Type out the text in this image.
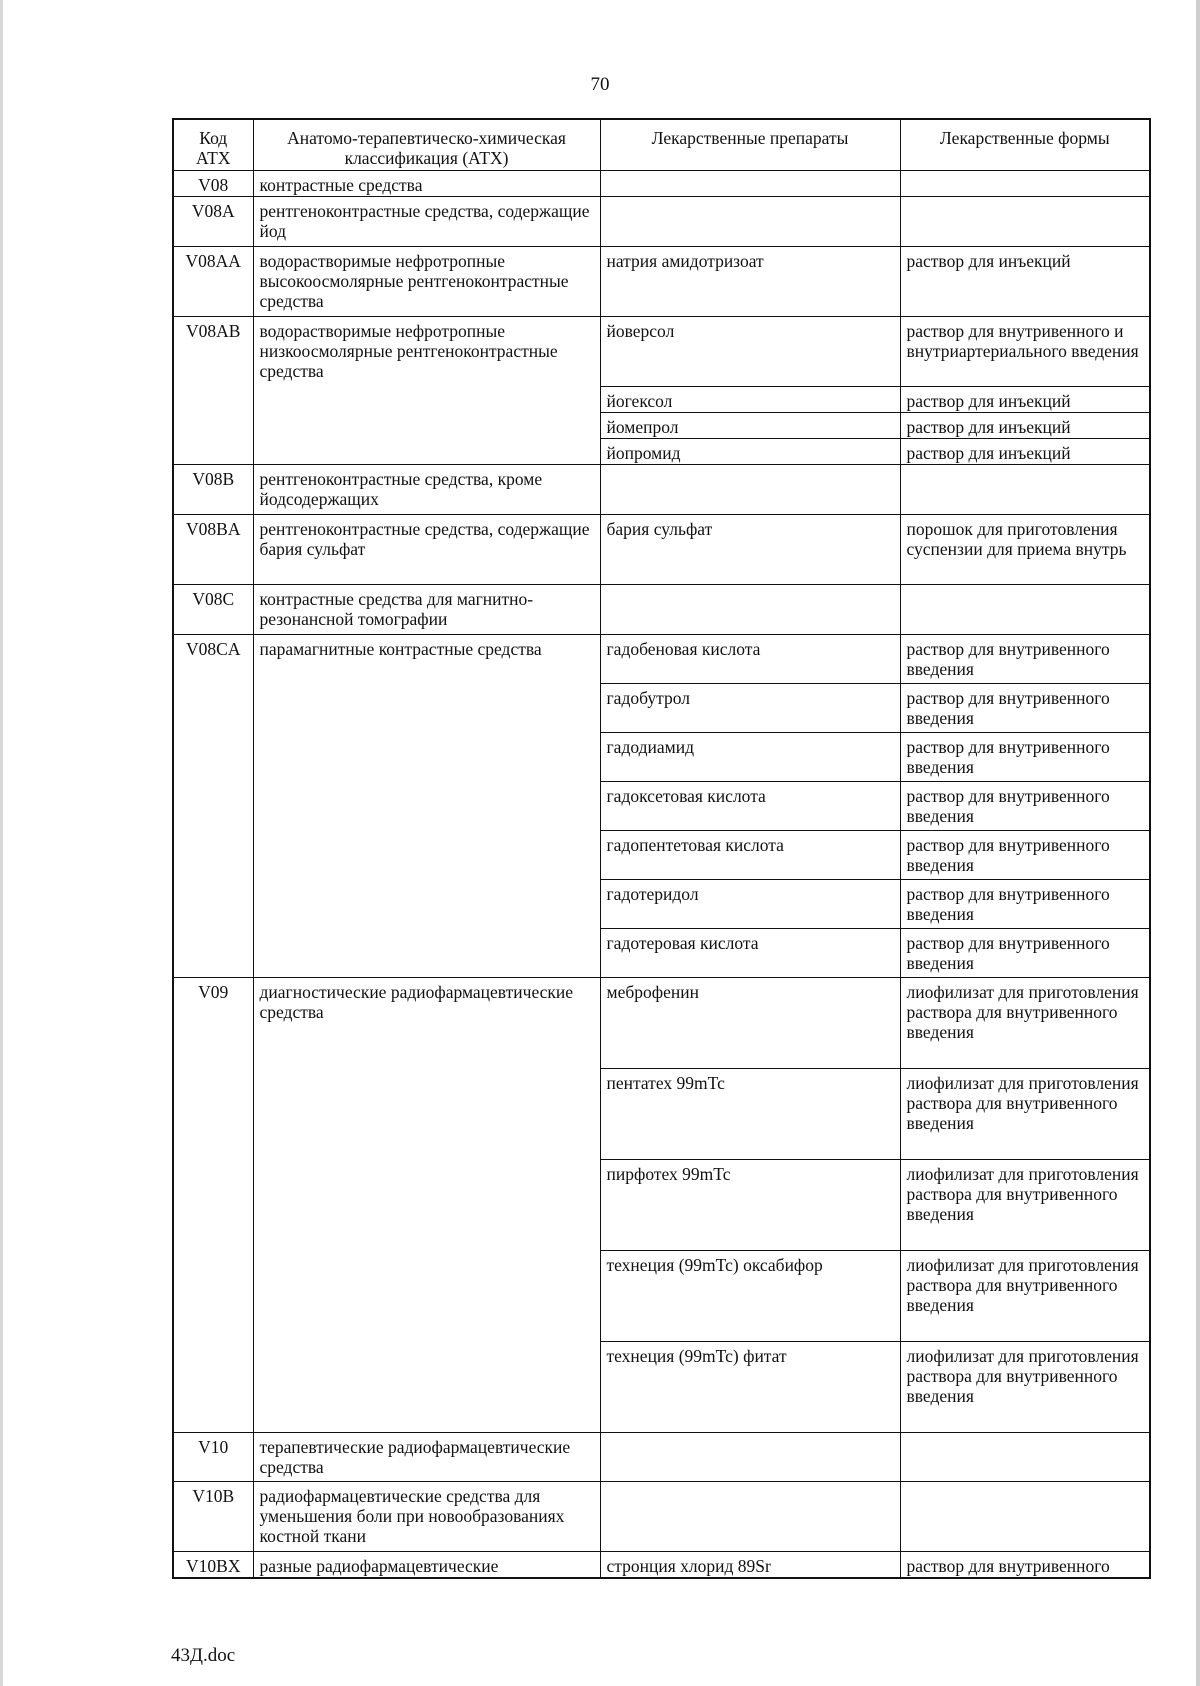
70
Код АТХ	Анатомо-терапевтическо-химическая классификация (АТХ)	Лекарственные препараты	Лекарственные формы
V08	контрастные средства		
V08A	рентгеноконтрастные средства, содержащие йод		
V08AA	водорастворимые нефротропные высокоосмолярные рентгеноконтрастные средства	натрия амидотризоат	раствор для инъекций
V08AB	водорастворимые нефротропные низкоосмолярные рентгеноконтрастные средства	йоверсол	раствор для внутривенного и внутриартериального введения
		йогексол	раствор для инъекций
		йомепрол	раствор для инъекций
		йопромид	раствор для инъекций
V08B	рентгеноконтрастные средства, кроме йодсодержащих		
V08BA	рентгеноконтрастные средства, содержащие бария сульфат	бария сульфат	порошок для приготовления суспензии для приема внутрь
V08C	контрастные средства для магнитно-резонансной томографии		
V08CA	парамагнитные контрастные средства	гадобеновая кислота	раствор для внутривенного введения
		гадобутрол	раствор для внутривенного введения
		гадодиамид	раствор для внутривенного введения
		гадоксетовая кислота	раствор для внутривенного введения
		гадопентетовая кислота	раствор для внутривенного введения
		гадотеридол	раствор для внутривенного введения
		гадотеровая кислота	раствор для внутривенного введения
V09	диагностические радиофармацевтические средства	меброфенин	лиофилизат для приготовления раствора для внутривенного введения
		пентатех 99mTc	лиофилизат для приготовления раствора для внутривенного введения
		пирфотех 99mTc	лиофилизат для приготовления раствора для внутривенного введения
		технеция (99mTc) оксабифор	лиофилизат для приготовления раствора для внутривенного введения
		технеция (99mTc) фитат	лиофилизат для приготовления раствора для внутривенного введения
V10	терапевтические радиофармацевтические средства		
V10B	радиофармацевтические средства для уменьшения боли при новообразованиях костной ткани		
V10BX	разные радиофармацевтические	стронция хлорид 89Sr	раствор для внутривенного
43Д.doc
